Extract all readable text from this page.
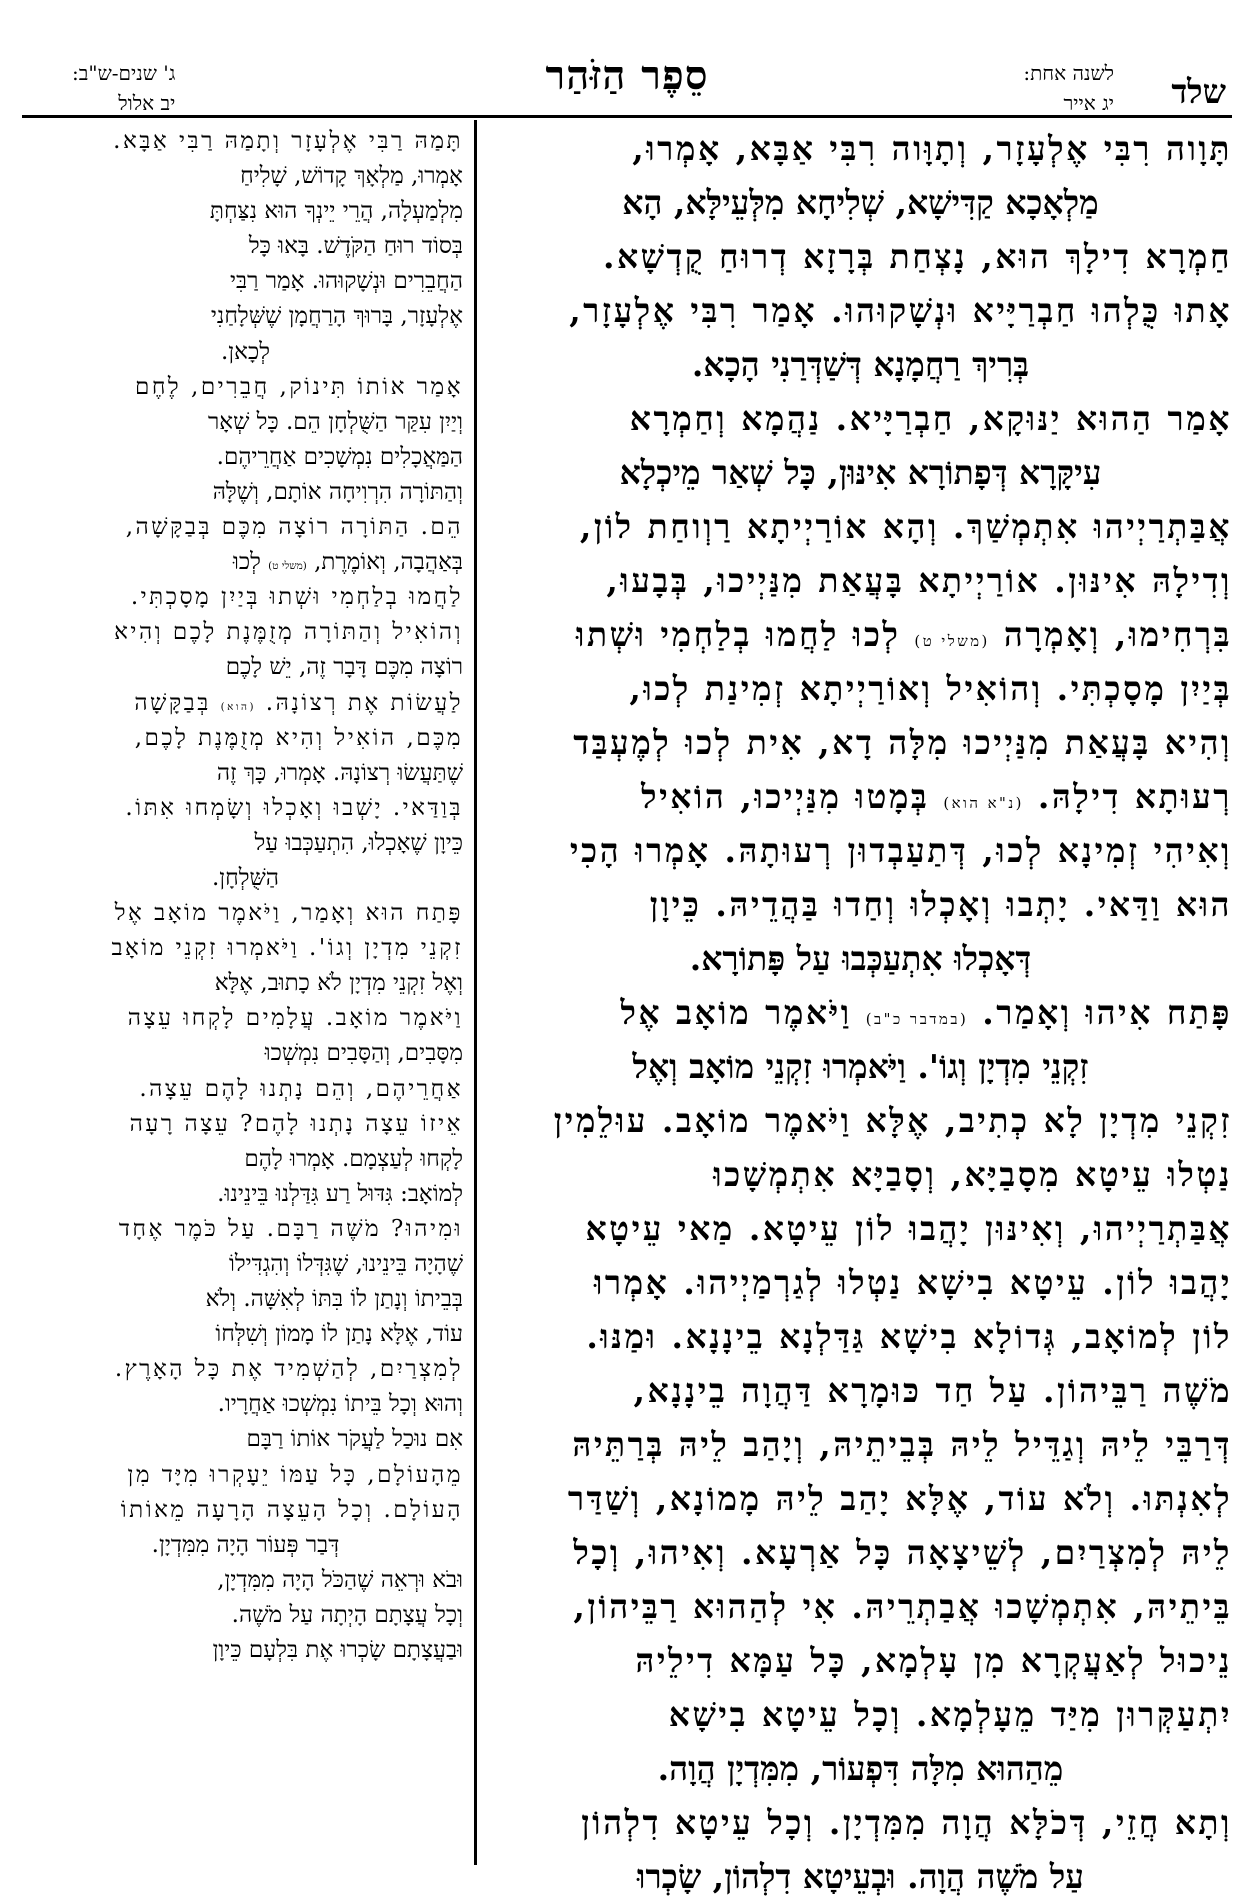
שלד
לשנה אחת:
יג אייר
סֵפֶר הַזֹּהַר
ג' שנים-ש"ב:
יב אלול
תָּוָוה רִבִּי אֶלְעָזָר, וְתָוָּוה רִבִּי אַבָּא, אָמְרוּ,
מַלְאָכָא קַדִּישָׁא, שְׁלִיחָא מִלְּעֵילָּא, הָא
חַמְרָא דִילָךְ הוּא, נָצְחַת בְּרָזָא דְרוּחַ קֻדְשָׁא.
אָתוּ כֻּלְהוּ חַבְרַיָּיא וּנְשָׁקוּהוּ. אָמַר רִבִּי אֶלְעָזָר,
בְּרִיךְ רַחֲמָנָא דְּשַׁדְּרַנִי הָכָא.
אָמַר הַהוּא יַנּוּקָא, חַבְרַיָּיא. נַהֲמָא וְחַמְרָא
עִיקָּרָא דְּפָתוֹרָא אִינּוּן, כָּל שְׁאַר מֵיכְלָא
אֲבַּתְרַיְיהוּ אִתְמְשַׁךְ. וְהָא אוֹרַיְיתָא רַוְוחַת לוֹן,
וְדִילָהּ אִינּוּן. אוֹרַיְיתָא בָּעֲאַת מִנַּיְיכוּ, בְּבָעוּ,
בִּרְחִימוּ, וְאָמְרָה (משלי ט) לְכוּ לַחֲמוּ בְלַחְמִי וּשְׁתוּ
בְּיַיִן מָסָכְתִּי. וְהוֹאִיל וְאוֹרַיְיתָא זְמִינַת לְכוּ,
וְהִיא בָּעֲאַת מִנַּיְיכוּ מִלָּה דָא, אִית לְכוּ לְמֶעְבַּד
רְעוּתָא דִילָהּ. (נ"א הוא) בְּמָטוּ מִנַּיְיכוּ, הוֹאִיל
וְאִיהִי זְמִינָא לְכוּ, דְּתַעַבְדוּן רְעוּתָהּ. אָמְרוּ הָכִי
הוּא וַדַּאי. יָתְבוּ וְאָכְלוּ וְחַדוּ בַּהֲדֵיהּ. כֵּיוָן
דְּאָכְלוּ אִתְעַכְּבוּ עַל פָּתוֹרָא.
פָּתַח אִיהוּ וְאָמַר. (במדבר כ"ב) וַיֹּאמֶר מוֹאָב אֶל
זִקְנֵי מִדְיָן וְגוֹ'. וַיֹּאמְרוּ זִקְנֵי מוֹאָב וְאֶל
זִקְנֵי מִדְיָן לָא כְתִיב, אֶלָּא וַיֹּאמֶר מוֹאָב. עוּלֵמִין
נַטְלוּ עֵיטָא מִסָבַיָּא, וְסָבַיָּא אִתְמְשָׁכוּ
אֲבַּתְרַיְיהוּ, וְאִינּוּן יָהֲבוּ לוֹן עֵיטָא. מַאי עֵיטָא
יָהֲבוּ לוֹן. עֵיטָא בִישָׁא נַטְלוּ לְגַרְמַיְיהוּ. אָמְרוּ
לוֹן לְמוֹאָב, גְּדוֹלָא בִישָׁא גַּדַּלְנָא בֵינָנָא. וּמַנּוּ.
מֹשֶׁה רַבֵּיהוֹן. עַל חַד כּוּמָרָא דַּהֲוָה בֵינָנָא,
דְּרַבֵּי לֵיהּ וְגַדֵּיל לֵיהּ בְּבֵיתֵיהּ, וְיָהַב לֵיהּ בְּרַתֵּיהּ
לְאִנְתּוּ. וְלֹא עוֹד, אֶלָּא יָהַב לֵיהּ מָמוֹנָא, וְשַׁדַּר
לֵיהּ לְמִצְרַיִם, לְשֵׁיצָאָה כָּל אַרְעָא. וְאִיהוּ, וְכָל
בֵּיתֵיהּ, אִתְמְשָׁכוּ אֲבַתְרֵיהּ. אִי לְהַהוּא רַבֵּיהוֹן,
נֵיכוּל לְאַעֲקְרָא מִן עָלְמָא, כָּל עַמָּא דִילֵיהּ
יִתְעַקְּרוּן מִיַּד מֵעָלְמָא. וְכָל עֵיטָא בִישָׁא
מֵהַהוּא מִלָּה דִּפְעוֹר, מִמִּדְיָן הֲוָה.
וְתָא חֲזֵי, דְּכֹלָּא הֲוָה מִמִּדְיָן. וְכָל עֵיטָא דִלְהוֹן
עַל מֹשֶׁה הֲוָה. וּבְעֵיטָא דִלְהוֹן, שָׂכְרוּ
תָּמַהּ רַבִּי אֶלְעָזָר וְתָמַהּ רַבִּי אַבָּא.
אָמְרוּ, מַלְאָךְ קָדוֹשׁ, שָׁלִיחַ
מִלְמַעְלָה, הֲרֵי יֵינְךָ הוּא נִצַּחְתָּ
בְּסוֹד רוּחַ הַקֹּדֶשׁ. בָּאוּ כָּל
הַחֲבֵרִים וּנְשָׁקוּהוּ. אָמַר רַבִּי
אֶלְעָזָר, בָּרוּךְ הָרַחֲמָן שֶׁשְּׁלָחַנִי
לְכָאן.
אָמַר אוֹתוֹ תִּינוֹק, חֲבֵרִים, לֶחֶם
וְיַיִן עִקַּר הַשֻּׁלְחָן הֵם. כָּל שְׁאָר
הַמַּאֲכָלִים נִמְשָׁכִים אַחֲרֵיהֶם.
וְהַתּוֹרָה הִרְוִיחָה אוֹתָם, וְשֶׁלָּהּ
הֵם. הַתּוֹרָה רוֹצָה מִכֶּם בְּבַקָּשָׁה,
בְּאַהֲבָה, וְאוֹמֶרֶת, (משלי ט) לְכוּ
לַחֲמוּ בְלַחְמִי וּשְׁתוּ בְּיַיִן מָסָכְתִּי.
וְהוֹאִיל וְהַתּוֹרָה מְזֻמֶּנֶת לָכֶם וְהִיא
רוֹצָה מִכֶּם דָּבָר זֶה, יֵשׁ לָכֶם
לַעֲשׂוֹת אֶת רְצוֹנָהּ. (הוא) בְּבַקָּשָׁה
מִכֶּם, הוֹאִיל וְהִיא מְזֻמֶּנֶת לָכֶם,
שֶׁתַּעֲשׂוּ רְצוֹנָהּ. אָמְרוּ, כָּךְ זֶה
בְּוַדַּאי. יָשְׁבוּ וְאָכְלוּ וְשָׂמְחוּ אִתּוֹ.
כֵּיוָן שֶׁאָכְלוּ, הִתְעַכְּבוּ עַל
הַשֻּׁלְחָן.
פָּתַח הוּא וְאָמַר, וַיֹּאמֶר מוֹאָב אֶל
זִקְנֵי מִדְיָן וְגוֹ'. וַיֹּאמְרוּ זִקְנֵי מוֹאָב
וְאֶל זִקְנֵי מִדְיָן לֹא כָתוּב, אֶלָּא
וַיֹּאמֶר מוֹאָב. עֲלָמִים לָקְחוּ עֵצָה
מִסָּבִים, וְהַסָּבִים נִמְשְׁכוּ
אַחֲרֵיהֶם, וְהֵם נָתְנוּ לָהֶם עֵצָה.
אֵיזוֹ עֵצָה נָתְנוּ לָהֶם? עֵצָה רָעָה
לָקְחוּ לְעַצְמָם. אָמְרוּ לָהֶם
לְמוֹאָב: גִּדּוּל רַע גִּדַּלְנוּ בֵּינֵינוּ.
וּמִיהוּ? מֹשֶׁה רַבָּם. עַל כֹּמֶר אֶחָד
שֶׁהָיָה בֵּינֵינוּ, שֶׁגִּדְּלוֹ וְהִגְדִּילוֹ
בְּבֵיתוֹ וְנָתַן לוֹ בִּתּוֹ לְאִשָּׁה. וְלֹא
עוֹד, אֶלָּא נָתַן לוֹ מָמוֹן וְשִׁלְּחוֹ
לְמִצְרַיִם, לְהַשְׁמִיד אֶת כָּל הָאָרֶץ.
וְהוּא וְכָל בֵּיתוֹ נִמְשְׁכוּ אַחֲרָיו.
אִם נוּכַל לַעֲקֹר אוֹתוֹ רַבָּם
מֵהָעוֹלָם, כָּל עַמּוֹ יֵעָקְרוּ מִיָּד מִן
הָעוֹלָם. וְכָל הָעֵצָה הָרָעָה מֵאוֹתוֹ
דְּבַר פְּעוֹר הָיָה מִמִּדְיָן.
וּבֹא וּרְאֵה שֶׁהַכֹּל הָיָה מִמִּדְיָן,
וְכָל עֲצָתָם הָיְתָה עַל מֹשֶׁה.
וּבַעֲצָתָם שָׂכְרוּ אֶת בִּלְעָם כֵּיוָן
